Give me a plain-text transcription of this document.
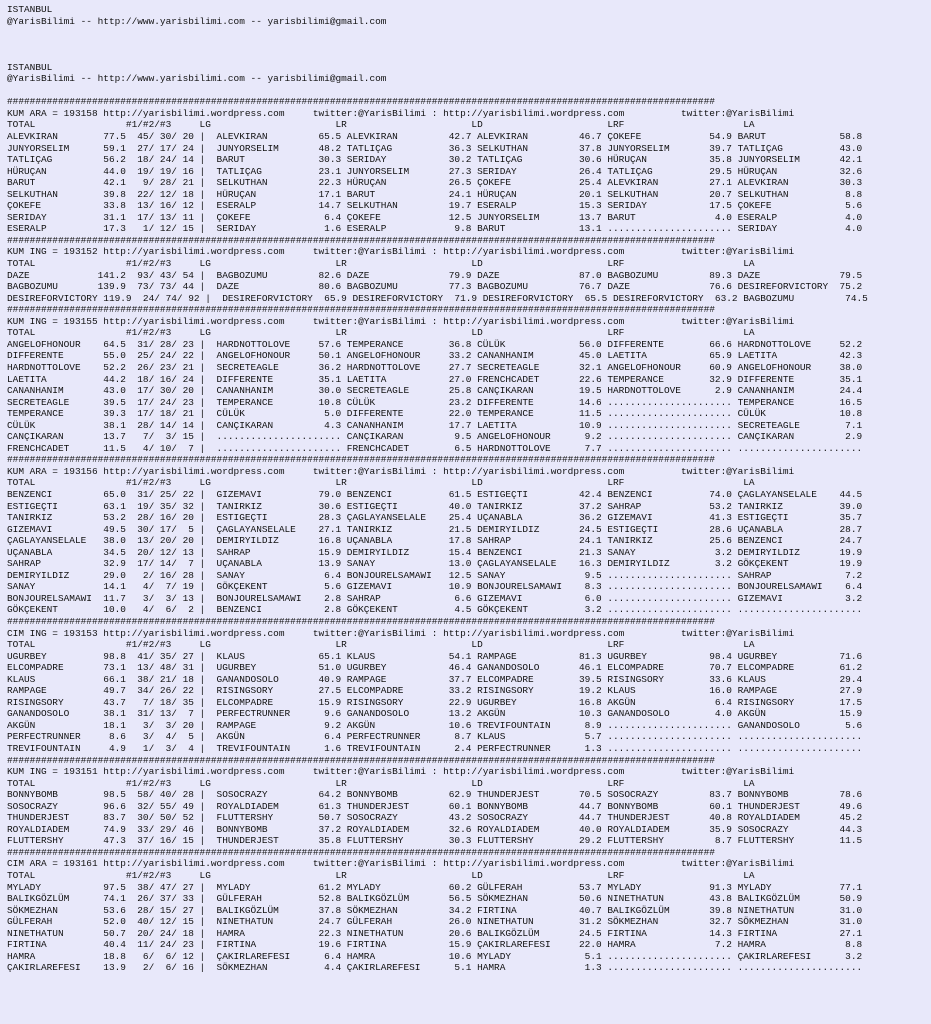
ISTANBUL
@YarisBilimi -- http://www.yarisbilimi.com -- yarisbilimi@gmail.com
ISTANBUL
@YarisBilimi -- http://www.yarisbilimi.com -- yarisbilimi@gmail.com
#############################################################################################################################
KUM ARA = 193158 http://yarisbilimi.wordpress.com     twitter:@YarisBilimi : http://yarisbilimi.wordpress.com          twitter:@YarisBilimi
TOTAL                #1/#2/#3     LG                      LR                      LD                      LRF                     LA
ALEVKIRAN        77.5  45/ 30/ 20 |  ALEVKIRAN         65.5 ALEVKIRAN         42.7 ALEVKIRAN         46.7 ÇOKEFE            54.9 BARUT             58.8
JUNYORSELIM      59.1  27/ 17/ 24 |  JUNYORSELIM       48.2 TATLIÇAG          36.3 SELKUTHAN         37.8 JUNYORSELIM       39.7 TATLIÇAG          43.0
TATLIÇAG         56.2  18/ 24/ 14 |  BARUT             30.3 SERIDAY           30.2 TATLIÇAG          30.6 HÜRUÇAN           35.8 JUNYORSELIM       42.1
HÜRUÇAN          44.0  19/ 19/ 16 |  TATLIÇAG          23.1 JUNYORSELIM       27.3 SERIDAY           26.4 TATLIÇAG          29.5 HÜRUÇAN           32.6
BARUT            42.1   9/ 28/ 21 |  SELKUTHAN         22.3 HÜRUÇAN           26.5 ÇOKEFE            25.4 ALEVKIRAN         27.1 ALEVKIRAN         30.3
SELKUTHAN        39.8  22/ 12/ 18 |  HÜRUÇAN           17.1 BARUT             24.1 HÜRUÇAN           20.1 SELKUTHAN         20.7 SELKUTHAN          8.8
ÇOKEFE           33.8  13/ 16/ 12 |  ESERALP           14.7 SELKUTHAN         19.7 ESERALP           15.3 SERIDAY           17.5 ÇOKEFE             5.6
SERIDAY          31.1  17/ 13/ 11 |  ÇOKEFE             6.4 ÇOKEFE            12.5 JUNYORSELIM       13.7 BARUT              4.0 ESERALP            4.0
ESERALP          17.3   1/ 12/ 15 |  SERIDAY            1.6 ESERALP            9.8 BARUT             13.1 ...................... SERIDAY            4.0
#############################################################################################################################
KUM ING = 193152 http://yarisbilimi.wordpress.com     twitter:@YarisBilimi : http://yarisbilimi.wordpress.com          twitter:@YarisBilimi
TOTAL                #1/#2/#3     LG                      LR                      LD                      LRF                     LA
DAZE            141.2  93/ 43/ 54 |  BAGBOZUMU         82.6 DAZE              79.9 DAZE              87.0 BAGBOZUMU         89.3 DAZE              79.5
BAGBOZUMU       139.9  73/ 73/ 44 |  DAZE              80.6 BAGBOZUMU         77.3 BAGBOZUMU         76.7 DAZE              76.6 DESIREFORVICTORY  75.2
DESIREFORVICTORY 119.9  24/ 74/ 92 |  DESIREFORVICTORY  65.9 DESIREFORVICTORY  71.9 DESIREFORVICTORY  65.5 DESIREFORVICTORY  63.2 BAGBOZUMU         74.5
#############################################################################################################################
KUM ING = 193155 http://yarisbilimi.wordpress.com     twitter:@YarisBilimi : http://yarisbilimi.wordpress.com          twitter:@YarisBilimi
TOTAL                #1/#2/#3     LG                      LR                      LD                      LRF                     LA
ANGELOFHONOUR    64.5  31/ 28/ 23 |  HARDNOTTOLOVE     57.6 TEMPERANCE        36.8 CÜLÜK             56.0 DIFFERENTE        66.6 HARDNOTTOLOVE     52.2
DIFFERENTE       55.0  25/ 24/ 22 |  ANGELOFHONOUR     50.1 ANGELOFHONOUR     33.2 CANANHANIM        45.0 LAETITA           65.9 LAETITA           42.3
HARDNOTTOLOVE    52.2  26/ 23/ 21 |  SECRETEAGLE       36.2 HARDNOTTOLOVE     27.7 SECRETEAGLE       32.1 ANGELOFHONOUR     60.9 ANGELOFHONOUR     38.0
LAETITA          44.2  18/ 16/ 24 |  DIFFERENTE        35.1 LAETITA           27.0 FRENCHCADET       22.6 TEMPERANCE        32.9 DIFFERENTE        35.1
CANANHANIM       43.0  17/ 30/ 20 |  CANANHANIM        30.0 SECRETEAGLE       25.8 CANÇIKARAN        19.5 HARDNOTTOLOVE      2.9 CANANHANIM        24.4
SECRETEAGLE      39.5  17/ 24/ 23 |  TEMPERANCE        10.8 CÜLÜK             23.2 DIFFERENTE        14.6 ...................... TEMPERANCE        16.5
TEMPERANCE       39.3  17/ 18/ 21 |  CÜLÜK              5.0 DIFFERENTE        22.0 TEMPERANCE        11.5 ...................... CÜLÜK             10.8
CÜLÜK            38.1  28/ 14/ 14 |  CANÇIKARAN         4.3 CANANHANIM        17.7 LAETITA           10.9 ...................... SECRETEAGLE        7.1
CANÇIKARAN       13.7   7/  3/ 15 |  ...................... CANÇIKARAN         9.5 ANGELOFHONOUR      9.2 ...................... CANÇIKARAN         2.9
FRENCHCADET      11.5   4/ 10/  7 |  ...................... FRENCHCADET        6.5 HARDNOTTOLOVE      7.7 ...................... ......................
#############################################################################################################################
KUM ARA = 193156 http://yarisbilimi.wordpress.com     twitter:@YarisBilimi : http://yarisbilimi.wordpress.com          twitter:@YarisBilimi
TOTAL                #1/#2/#3     LG                      LR                      LD                      LRF                     LA
BENZENCI         65.0  31/ 25/ 22 |  GIZEMAVI          79.0 BENZENCI          61.5 ESTIGEÇTI         42.4 BENZENCI          74.0 ÇAGLAYANSELALE    44.5
ESTIGEÇTI        63.1  19/ 35/ 32 |  TANIRKIZ          30.6 ESTIGEÇTI         40.0 TANIRKIZ          37.2 SAHRAP            53.2 TANIRKIZ          39.0
TANIRKIZ         53.2  28/ 16/ 20 |  ESTIGEÇTI         28.3 ÇAGLAYANSELALE    25.4 UÇANABLA          36.2 GIZEMAVI          41.3 ESTIGEÇTI         35.7
GIZEMAVI         49.5  30/ 17/  5 |  ÇAGLAYANSELALE    27.1 TANIRKIZ          21.5 DEMIRYILDIZ       24.5 ESTIGEÇTI         28.6 UÇANABLA          28.7
ÇAGLAYANSELALE   38.0  13/ 20/ 20 |  DEMIRYILDIZ       16.8 UÇANABLA          17.8 SAHRAP            24.1 TANIRKIZ          25.6 BENZENCI          24.7
UÇANABLA         34.5  20/ 12/ 13 |  SAHRAP            15.9 DEMIRYILDIZ       15.4 BENZENCI          21.3 SANAY              3.2 DEMIRYILDIZ       19.9
SAHRAP           32.9  17/ 14/  7 |  UÇANABLA          13.9 SANAY             13.0 ÇAGLAYANSELALE    16.3 DEMIRYILDIZ        3.2 GÖKÇEKENT         19.9
DEMIRYILDIZ      29.0   2/ 16/ 28 |  SANAY              6.4 BONJOURELSAMAWI   12.5 SANAY              9.5 ...................... SAHRAP             7.2
SANAY            14.1   4/  7/ 19 |  GÖKÇEKENT          5.6 GIZEMAVI          10.9 BONJOURELSAMAWI    8.3 ...................... BONJOURELSAMAWI    6.4
BONJOURELSAMAWI  11.7   3/  3/ 13 |  BONJOURELSAMAWI    2.8 SAHRAP             6.6 GIZEMAVI           6.0 ...................... GIZEMAVI           3.2
GÖKÇEKENT        10.0   4/  6/  2 |  BENZENCI           2.8 GÖKÇEKENT          4.5 GÖKÇEKENT          3.2 ...................... ......................
#############################################################################################################################
CIM ING = 193153 http://yarisbilimi.wordpress.com     twitter:@YarisBilimi : http://yarisbilimi.wordpress.com          twitter:@YarisBilimi
TOTAL                #1/#2/#3     LG                      LR                      LD                      LRF                     LA
UGURBEY          98.8  41/ 35/ 27 |  KLAUS             65.1 KLAUS             54.1 RAMPAGE           81.3 UGURBEY           98.4 UGURBEY           71.6
ELCOMPADRE       73.1  13/ 48/ 31 |  UGURBEY           51.0 UGURBEY           46.4 GANANDOSOLO       46.1 ELCOMPADRE        70.7 ELCOMPADRE        61.2
KLAUS            66.1  38/ 21/ 18 |  GANANDOSOLO       40.9 RAMPAGE           37.7 ELCOMPADRE        39.5 RISINGSORY        33.6 KLAUS             29.4
RAMPAGE          49.7  34/ 26/ 22 |  RISINGSORY        27.5 ELCOMPADRE        33.2 RISINGSORY        19.2 KLAUS             16.0 RAMPAGE           27.9
RISINGSORY       43.7   7/ 18/ 35 |  ELCOMPADRE        15.9 RISINGSORY        22.9 UGURBEY           16.8 AKGÜN              6.4 RISINGSORY        17.5
GANANDOSOLO      38.1  31/ 13/  7 |  PERFECTRUNNER      9.6 GANANDOSOLO       13.2 AKGÜN             10.3 GANANDOSOLO        4.0 AKGÜN             15.9
AKGÜN            18.1   3/  3/ 20 |  RAMPAGE            9.2 AKGÜN             10.6 TREVIFOUNTAIN      8.9 ...................... GANANDOSOLO        5.6
PERFECTRUNNER     8.6   3/  4/  5 |  AKGÜN              6.4 PERFECTRUNNER      8.7 KLAUS              5.7 ...................... ......................
TREVIFOUNTAIN     4.9   1/  3/  4 |  TREVIFOUNTAIN      1.6 TREVIFOUNTAIN      2.4 PERFECTRUNNER      1.3 ...................... ......................
#############################################################################################################################
KUM ING = 193151 http://yarisbilimi.wordpress.com     twitter:@YarisBilimi : http://yarisbilimi.wordpress.com          twitter:@YarisBilimi
TOTAL                #1/#2/#3     LG                      LR                      LD                      LRF                     LA
BONNYBOMB        98.5  58/ 40/ 28 |  SOSOCRAZY         64.2 BONNYBOMB         62.9 THUNDERJEST       70.5 SOSOCRAZY         83.7 BONNYBOMB         78.6
SOSOCRAZY        96.6  32/ 55/ 49 |  ROYALDIADEM       61.3 THUNDERJEST       60.1 BONNYBOMB         44.7 BONNYBOMB         60.1 THUNDERJEST       49.6
THUNDERJEST      83.7  30/ 50/ 52 |  FLUTTERSHY        50.7 SOSOCRAZY         43.2 SOSOCRAZY         44.7 THUNDERJEST       40.8 ROYALDIADEM       45.2
ROYALDIADEM      74.9  33/ 29/ 46 |  BONNYBOMB         37.2 ROYALDIADEM       32.6 ROYALDIADEM       40.0 ROYALDIADEM       35.9 SOSOCRAZY         44.3
FLUTTERSHY       47.3  37/ 16/ 15 |  THUNDERJEST       35.8 FLUTTERSHY        30.3 FLUTTERSHY        29.2 FLUTTERSHY         8.7 FLUTTERSHY        11.5
#############################################################################################################################
CIM ARA = 193161 http://yarisbilimi.wordpress.com     twitter:@YarisBilimi : http://yarisbilimi.wordpress.com          twitter:@YarisBilimi
TOTAL                #1/#2/#3     LG                      LR                      LD                      LRF                     LA
MYLADY           97.5  38/ 47/ 27 |  MYLADY            61.2 MYLADY            60.2 GÜLFERAH          53.7 MYLADY            91.3 MYLADY            77.1
BALIKGÖZLÜM      74.1  26/ 37/ 33 |  GÜLFERAH          52.8 BALIKGÖZLÜM       56.5 SÖKMEZHAN         50.6 NINETHATUN        43.8 BALIKGÖZLÜM       50.9
SÖKMEZHAN        53.6  28/ 15/ 27 |  BALIKGÖZLÜM       37.8 SÖKMEZHAN         34.2 FIRTINA           40.7 BALIKGÖZLÜM       39.8 NINETHATUN        31.0
GÜLFERAH         52.0  40/ 12/ 15 |  NINETHATUN        24.7 GÜLFERAH          26.0 NINETHATUN        31.2 SÖKMEZHAN         32.7 SÖKMEZHAN         31.0
NINETHATUN       50.7  20/ 24/ 18 |  HAMRA             22.3 NINETHATUN        20.6 BALIKGÖZLÜM       24.5 FIRTINA           14.3 FIRTINA           27.1
FIRTINA          40.4  11/ 24/ 23 |  FIRTINA           19.6 FIRTINA           15.9 ÇAKIRLAREFESI     22.0 HAMRA              7.2 HAMRA              8.8
HAMRA            18.8   6/  6/ 12 |  ÇAKIRLAREFESI      6.4 HAMRA             10.6 MYLADY             5.1 ...................... ÇAKIRLAREFESI      3.2
ÇAKIRLAREFESI    13.9   2/  6/ 16 |  SÖKMEZHAN          4.4 ÇAKIRLAREFESI      5.1 HAMRA              1.3 ...................... ......................
